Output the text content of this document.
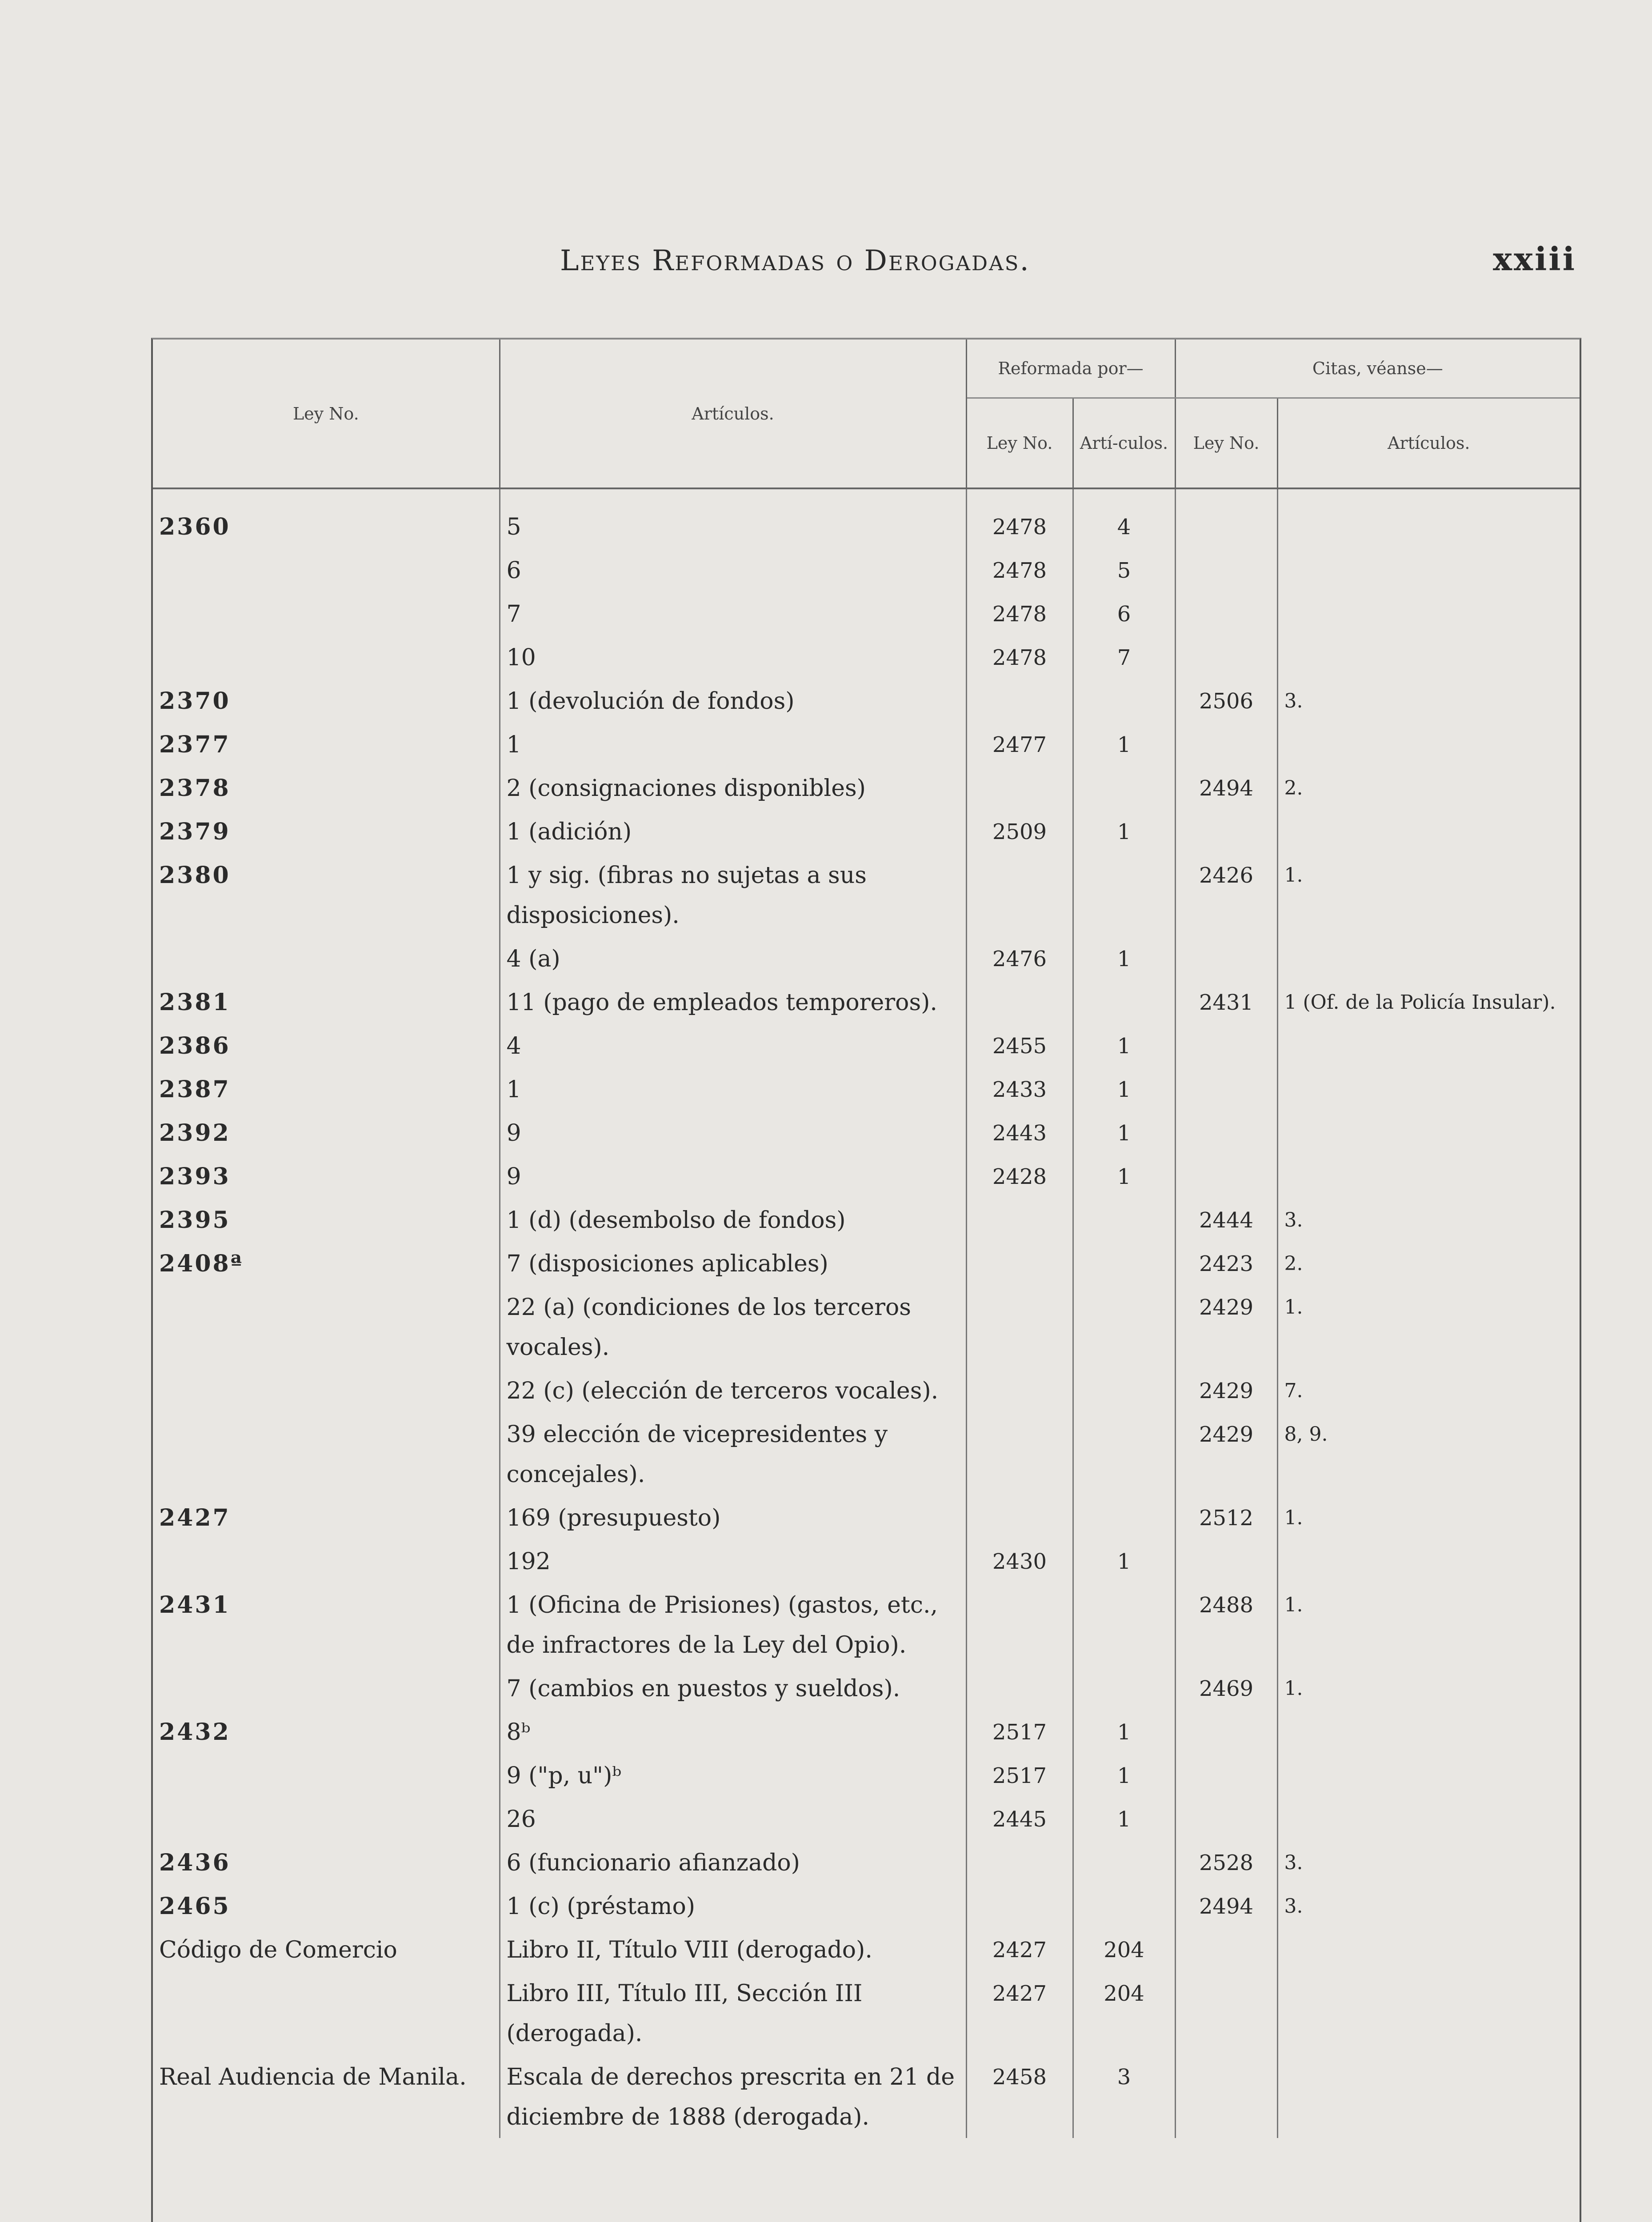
Leyes Reformadas o Derogadas.	xxiii
Ley No.	Artículos.	Reformada por—		Citas, véanse—	
		Ley No.	Artí-culos.	Ley No.	Artículos.
2360	5	2478	4		
	6	2478	5		
	7	2478	6		
	10	2478	7		
2370	1 (devolución de fondos)			2506	3.
2377	1	2477	1		
2378	2 (consignaciones disponibles)			2494	2.
2379	1 (adición)	2509	1		
2380	1 y sig. (fibras no sujetas a sus disposiciones).			2426	1.
	4 (a)	2476	1		
2381	11 (pago de empleados temporeros).			2431	1 (Of. de la Policía Insular).
2386	4	2455	1		
2387	1	2433	1		
2392	9	2443	1		
2393	9	2428	1		
2395	1 (d) (desembolso de fondos)			2444	3.
2408ª	7 (disposiciones aplicables)			2423	2.
	22 (a) (condiciones de los terceros vocales).			2429	1.
	22 (c) (elección de terceros vocales).			2429	7.
	39 elección de vicepresidentes y concejales).			2429	8, 9.
2427	169 (presupuesto)			2512	1.
	192	2430	1		
2431	1 (Oficina de Prisiones) (gastos, etc., de infractores de la Ley del Opio).			2488	1.
	7 (cambios en puestos y sueldos).			2469	1.
2432	8ᵇ	2517	1		
	9 ("p, u")ᵇ	2517	1		
	26	2445	1		
2436	6 (funcionario afianzado)			2528	3.
2465	1 (c) (préstamo)			2494	3.
Código de Comercio	Libro II, Título VIII (derogado).	2427	204		
	Libro III, Título III, Sección III (derogada).	2427	204		
Real Audiencia de Manila.	Escala de derechos prescrita en 21 de diciembre de 1888 (derogada).	2458	3		
